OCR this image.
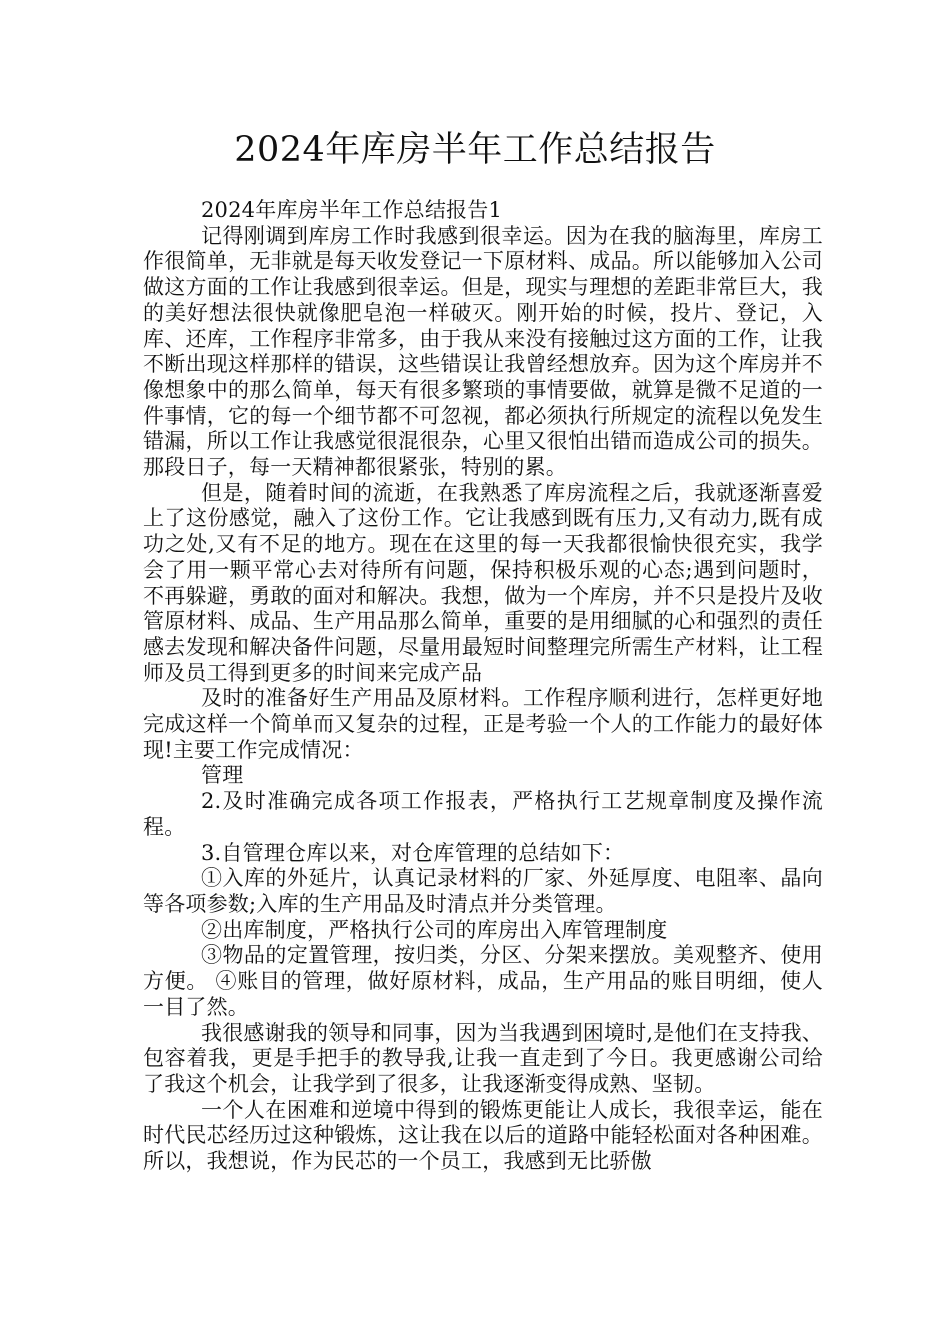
2024年库房半年工作总结报告

2024年库房半年工作总结报告1

记得刚调到库房工作时我感到很幸运。因为在我的脑海里，库房工作很简单，无非就是每天收发登记一下原材料、成品。所以能够加入公司做这方面的工作让我感到很幸运。但是，现实与理想的差距非常巨大，我的美好想法很快就像肥皂泡一样破灭。刚开始的时候，投片、登记，入库、还库，工作程序非常多，由于我从来没有接触过这方面的工作，让我不断出现这样那样的错误，这些错误让我曾经想放弃。因为这个库房并不像想象中的那么简单，每天有很多繁琐的事情要做，就算是微不足道的一件事情，它的每一个细节都不可忽视，都必须执行所规定的流程以免发生错漏，所以工作让我感觉很混很杂，心里又很怕出错而造成公司的损失。那段日子，每一天精神都很紧张，特别的累。

但是，随着时间的流逝，在我熟悉了库房流程之后，我就逐渐喜爱上了这份感觉，融入了这份工作。它让我感到既有压力,又有动力,既有成功之处,又有不足的地方。现在在这里的每一天我都很愉快很充实，我学会了用一颗平常心去对待所有问题，保持积极乐观的心态;遇到问题时，不再躲避，勇敢的面对和解决。我想，做为一个库房，并不只是投片及收管原材料、成品、生产用品那么简单，重要的是用细腻的心和强烈的责任感去发现和解决备件问题，尽量用最短时间整理完所需生产材料，让工程师及员工得到更多的时间来完成产品

及时的准备好生产用品及原材料。工作程序顺利进行，怎样更好地完成这样一个简单而又复杂的过程，正是考验一个人的工作能力的最好体现!主要工作完成情况：

管理

2.及时准确完成各项工作报表，严格执行工艺规章制度及操作流程。

3.自管理仓库以来，对仓库管理的总结如下：

①入库的外延片，认真记录材料的厂家、外延厚度、电阻率、晶向等各项参数;入库的生产用品及时清点并分类管理。

②出库制度，严格执行公司的库房出入库管理制度

③物品的定置管理，按归类，分区、分架来摆放。美观整齐、使用方便。 ④账目的管理，做好原材料，成品，生产用品的账目明细，使人一目了然。

我很感谢我的领导和同事，因为当我遇到困境时,是他们在支持我、包容着我，更是手把手的教导我,让我一直走到了今日。我更感谢公司给了我这个机会，让我学到了很多，让我逐渐变得成熟、坚韧。

一个人在困难和逆境中得到的锻炼更能让人成长，我很幸运，能在时代民芯经历过这种锻炼，这让我在以后的道路中能轻松面对各种困难。所以，我想说，作为民芯的一个员工，我感到无比骄傲
